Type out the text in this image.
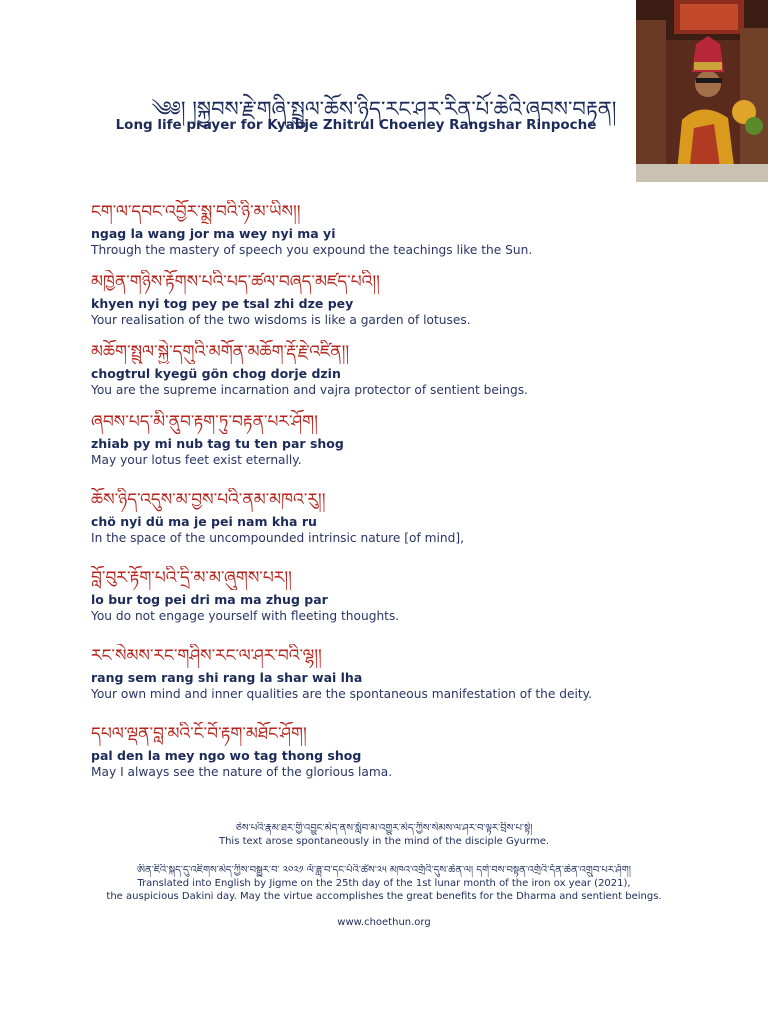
༄༅། །སྐྱབས་རྗེ་གཞི་སྤྲུལ་ཆོས་ཉིད་རང་ཤར་རིན་པོ་ཆེའི་ཞབས་བརྟན།
Long life prayer for Kyabje Zhitrul Choeney Rangshar Rinpoche
ངག་ལ་དབང་འབྱོར་སྨྲ་བའི་ཉི་མ་ཡིས།།
ngag la wang jor ma wey nyi ma yi
Through the mastery of speech you expound the teachings like the Sun.
མཁྱེན་གཉིས་རྟོགས་པའི་པད་ཚལ་བཞད་མཛད་པའི།།
khyen nyi tog pey pe tsal zhi dze pey
Your realisation of the two wisdoms is like a garden of lotuses.
མཆོག་སྤྲུལ་སྐྱེ་དགུའི་མགོན་མཆོག་རྡོ་རྗེ་འཛིན།།
chogtrul kyegü gön chog dorje dzin
You are the supreme incarnation and vajra protector of sentient beings.
ཞབས་པད་མི་ནུབ་རྟག་ཏུ་བརྟན་པར་ཤོག།
zhiab py mi nub tag tu ten par shog
May your lotus feet exist eternally.
ཆོས་ཉིད་འདུས་མ་བྱས་པའི་ནམ་མཁའ་རུ།།
chö nyi dü ma je pei nam kha ru
In the space of the uncompounded intrinsic nature [of mind],
བློ་བུར་རྟོག་པའི་དྲི་མ་མ་ཞུགས་པར།།
lo bur tog pei dri ma ma zhug par
You do not engage yourself with fleeting thoughts.
རང་སེམས་རང་གཤིས་རང་ལ་ཤར་བའི་ལྷ།།
rang sem rang shi rang la shar wai lha
Your own mind and inner qualities are the spontaneous manifestation of the deity.
དཔལ་ལྡན་བླ་མའི་ངོ་བོ་རྟག་མཐོང་ཤོག།
pal den la mey ngo wo tag thong shog
May I always see the nature of the glorious lama.
ཅེས་པའི་རྣམ་ཐར་གྱི་འབྱུང་མེད་ནས་སློབ་མ་འགྱུར་མེད་ཀྱིས་སེམས་ལ་ཤར་བ་ལྟར་བྲིས་པ་སྟེ།
This text arose spontaneously in the mind of the disciple Gyurme.
ཨིན་ཇིའི་སྐད་དུ་འཇིགས་མེད་ཀྱིས་བསྒྱུར་བ་ ༢༠༢༡ ལོ་ཟླ་བ་དང་པོའི་ཚེས་༢༥ མཁའ་འགྲོའི་དུས་ཆེན་ལ། དགེ་བས་བསྟན་འགྲོའི་དོན་ཆེན་འགྲུབ་པར་ཤོག།
Translated into English by Jigme on the 25th day of the 1st lunar month of the iron ox year (2021),
the auspicious Dakini day. May the virtue accomplishes the great benefits for the Dharma and sentient beings.
www.choethun.org
